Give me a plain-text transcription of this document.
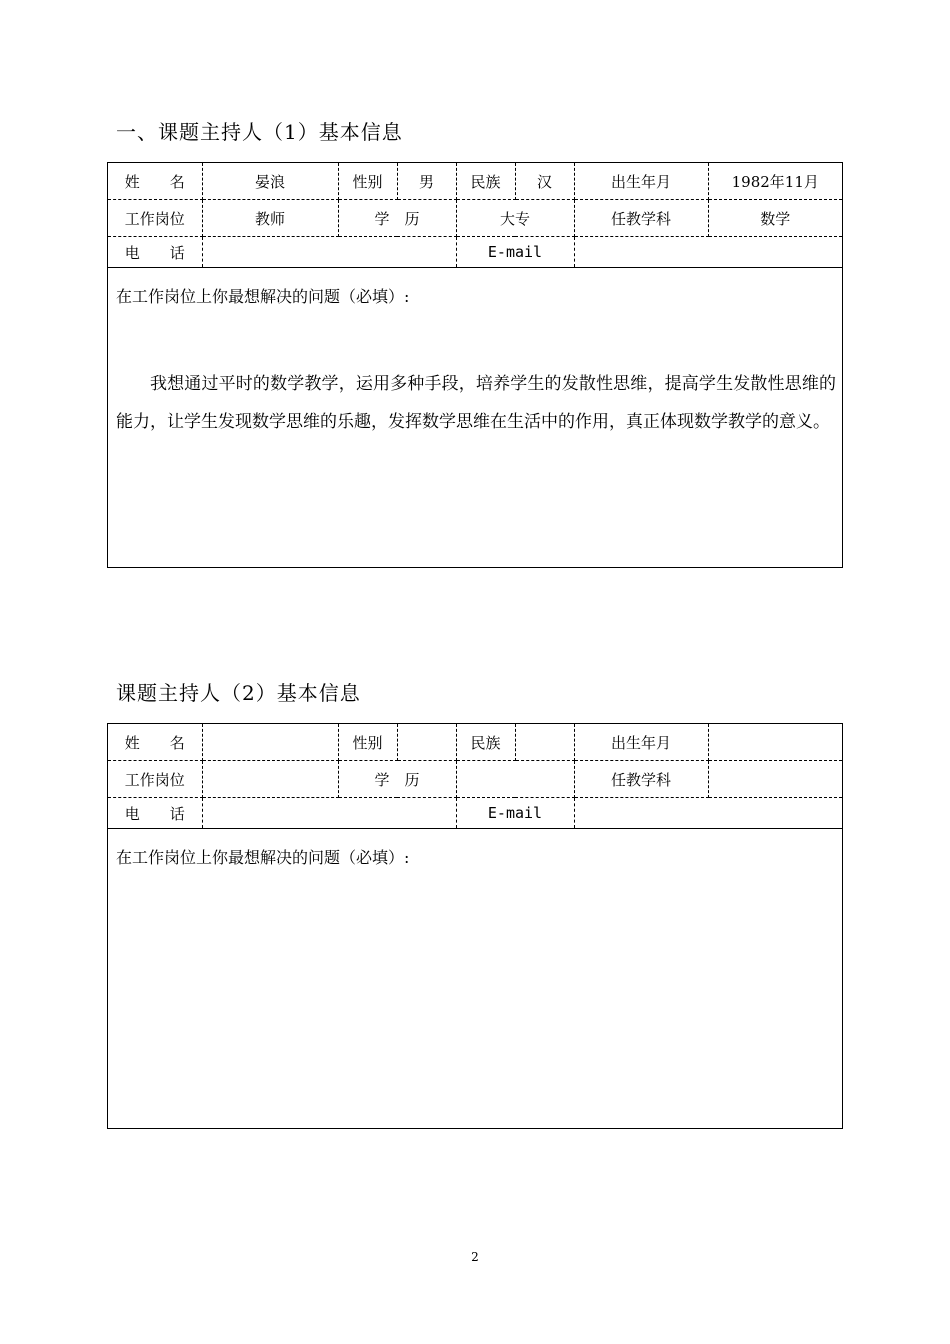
一、课题主持人（1）基本信息
姓　　名	晏浪	性别	男	民族	汉	出生年月	1982年11月
工作岗位	教师	学　历		大专		任教学科	数学
电　　话				E-mail			
在工作岗位上你最想解决的问题（必填）:
我想通过平时的数学教学，运用多种手段，培养学生的发散性思维，提高学生发散性思维的能力，让学生发现数学思维的乐趣，发挥数学思维在生活中的作用，真正体现数学教学的意义。
课题主持人（2）基本信息
姓　　名		性别		民族		出生年月	
工作岗位		学　历				任教学科	
电　　话				E-mail			
在工作岗位上你最想解决的问题（必填）:
2
